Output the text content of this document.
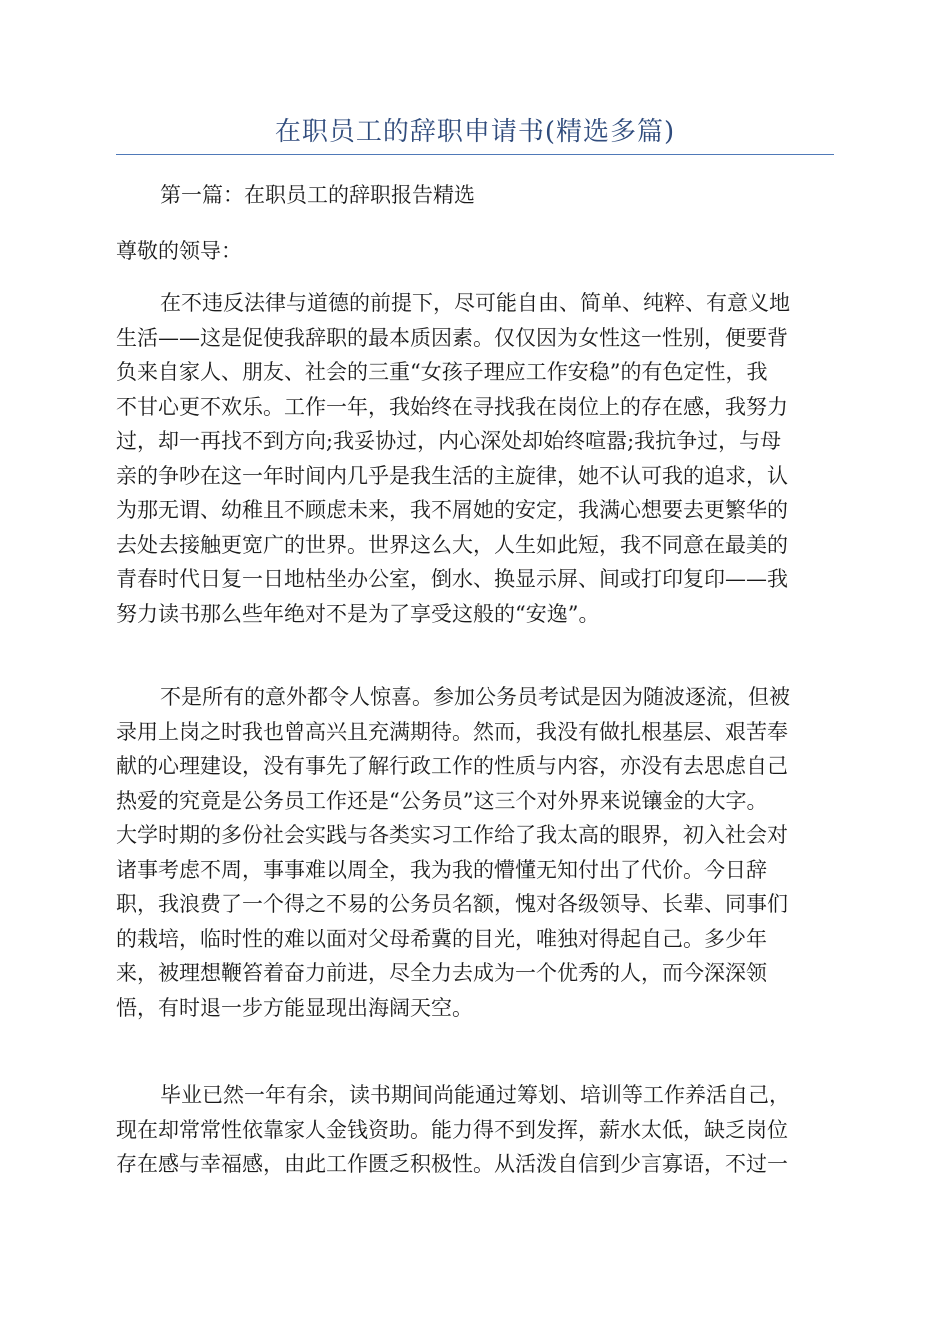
在职员工的辞职申请书(精选多篇)

第一篇：在职员工的辞职报告精选

尊敬的领导：

在不违反法律与道德的前提下，尽可能自由、简单、纯粹、有意义地
生活——这是促使我辞职的最本质因素。仅仅因为女性这一性别，便要背
负来自家人、朋友、社会的三重“女孩子理应工作安稳”的有色定性，我
不甘心更不欢乐。工作一年，我始终在寻找我在岗位上的存在感，我努力
过，却一再找不到方向;我妥协过，内心深处却始终喧嚣;我抗争过，与母
亲的争吵在这一年时间内几乎是我生活的主旋律，她不认可我的追求，认
为那无谓、幼稚且不顾虑未来，我不屑她的安定，我满心想要去更繁华的
去处去接触更宽广的世界。世界这么大，人生如此短，我不同意在最美的
青春时代日复一日地枯坐办公室，倒水、换显示屏、间或打印复印——我
努力读书那么些年绝对不是为了享受这般的“安逸”。

不是所有的意外都令人惊喜。参加公务员考试是因为随波逐流，但被
录用上岗之时我也曾高兴且充满期待。然而，我没有做扎根基层、艰苦奉
献的心理建设，没有事先了解行政工作的性质与内容，亦没有去思虑自己
热爱的究竟是公务员工作还是“公务员”这三个对外界来说镶金的大字。
大学时期的多份社会实践与各类实习工作给了我太高的眼界，初入社会对
诸事考虑不周，事事难以周全，我为我的懵懂无知付出了代价。今日辞
职，我浪费了一个得之不易的公务员名额，愧对各级领导、长辈、同事们
的栽培，临时性的难以面对父母希冀的目光，唯独对得起自己。多少年
来，被理想鞭笞着奋力前进，尽全力去成为一个优秀的人，而今深深领
悟，有时退一步方能显现出海阔天空。

毕业已然一年有余，读书期间尚能通过筹划、培训等工作养活自己，
现在却常常性依靠家人金钱资助。能力得不到发挥，薪水太低，缺乏岗位
存在感与幸福感，由此工作匮乏积极性。从活泼自信到少言寡语，不过一
